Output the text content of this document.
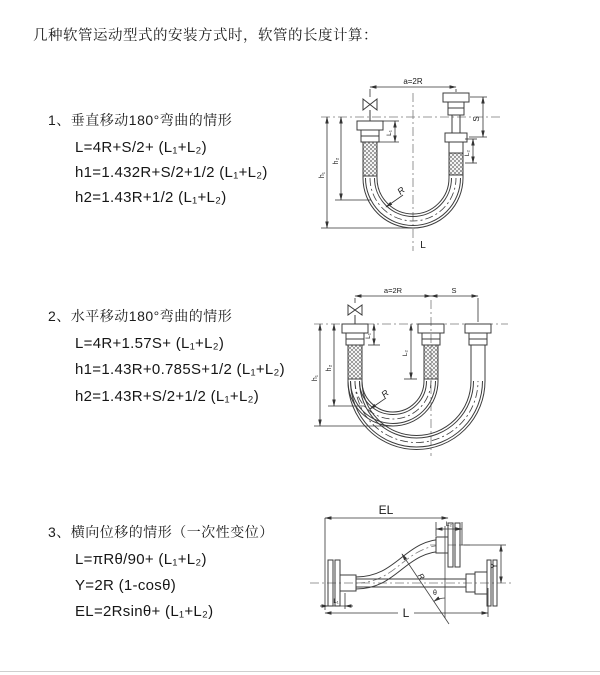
几种软管运动型式的安装方式时，软管的长度计算：
1、垂直移动180°弯曲的情形
L=4R+S/2+ (L₁+L₂)
h1=1.432R+S/2+1/2 (L₁+L₂)
h2=1.43R+1/2 (L₁+L₂)
2、水平移动180°弯曲的情形
L=4R+1.57S+ (L₁+L₂)
h1=1.43R+0.785S+1/2 (L₁+L₂)
h2=1.43R+S/2+1/2 (L₁+L₂)
3、横向位移的情形（一次性变位）
L=πRθ/90+ (L₁+L₂)
Y=2R (1-cosθ)
EL=2Rsinθ+ (L₁+L₂)
a=2R
S
L₂
L₁
h₁
h₂
R
L
a=2R	S
h₁
h₂
L₁
L₂
R
EL
L₂
Y
θ
R
L₁
L
